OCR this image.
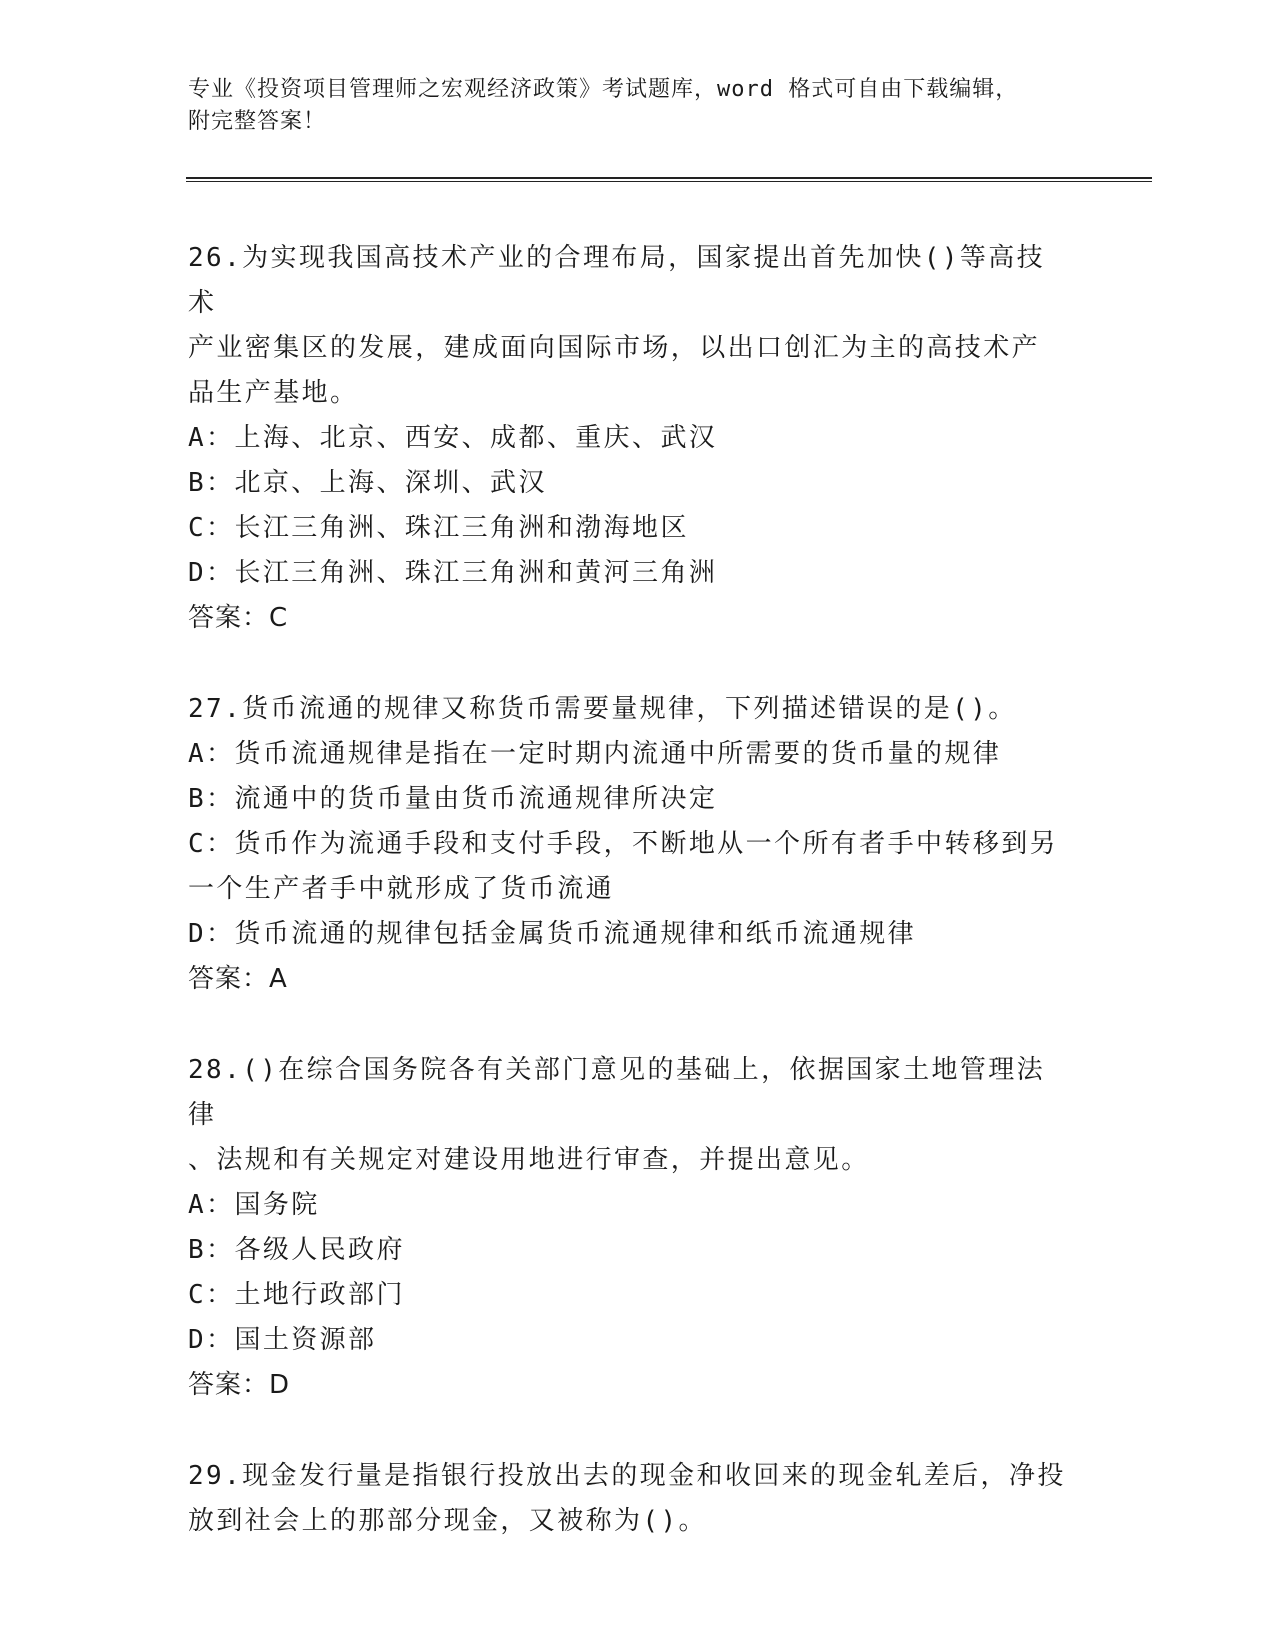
专业《投资项目管理师之宏观经济政策》考试题库，word 格式可自由下载编辑，
附完整答案！
26.为实现我国高技术产业的合理布局，国家提出首先加快()等高技术
产业密集区的发展，建成面向国际市场，以出口创汇为主的高技术产
品生产基地。
A：上海、北京、西安、成都、重庆、武汉
B：北京、上海、深圳、武汉
C：长江三角洲、珠江三角洲和渤海地区
D：长江三角洲、珠江三角洲和黄河三角洲
答案：C
27.货币流通的规律又称货币需要量规律，下列描述错误的是()。
A：货币流通规律是指在一定时期内流通中所需要的货币量的规律
B：流通中的货币量由货币流通规律所决定
C：货币作为流通手段和支付手段，不断地从一个所有者手中转移到另
一个生产者手中就形成了货币流通
D：货币流通的规律包括金属货币流通规律和纸币流通规律
答案：A
28.()在综合国务院各有关部门意见的基础上，依据国家土地管理法律
、法规和有关规定对建设用地进行审查，并提出意见。
A：国务院
B：各级人民政府
C：土地行政部门
D：国土资源部
答案：D
29.现金发行量是指银行投放出去的现金和收回来的现金轧差后，净投
放到社会上的那部分现金，又被称为()。
